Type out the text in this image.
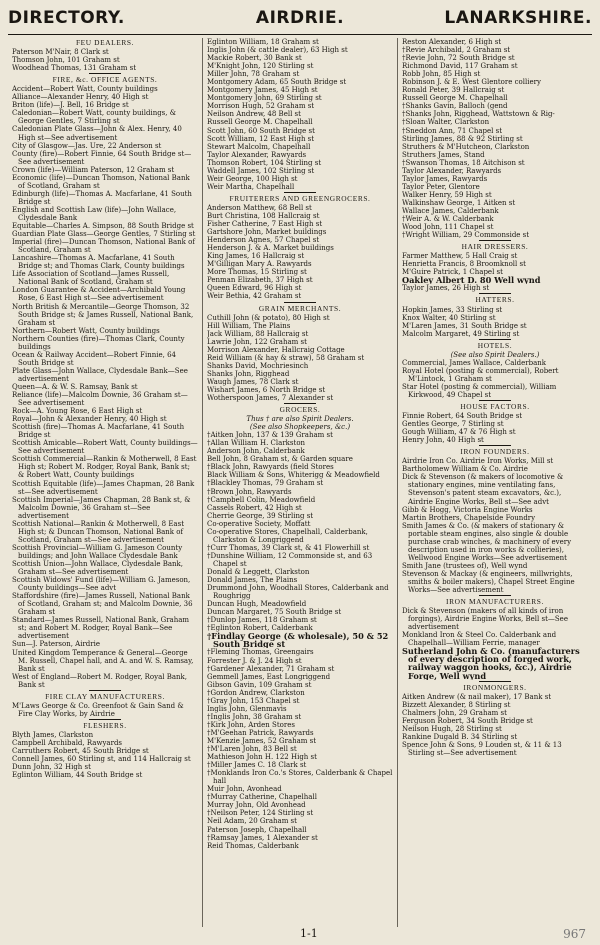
DIRECTORY.	AIRDRIE.	LANARKSHIRE.
FEU DEALERS.
Paterson M'Nair, 8 Clark st
Thomson John, 101 Graham st
Woodhead Thomas, 131 Graham st
FIRE, &c. OFFICE AGENTS.
Accident—Robert Watt, County buildings
Alliance—Alexander Henry, 40 High st
Briton (life)—J. Bell, 16 Bridge st
Caledonian—Robert Watt, county buildings, & George Gentles, 7 Stirling st
Caledonian Plate Glass—John & Alex. Henry, 40 High st—See advertisement
City of Glasgow—Jas. Ure, 22 Anderson st
County (fire)—Robert Finnie, 64 South Bridge st—See advertisement
Crown (life)—William Paterson, 12 Graham st
Economic (life)—Duncan Thomson, National Bank of Scotland, Graham st
Edinburgh (life)—Thomas A. Macfarlane, 41 South Bridge st
English and Scottish Law (life)—John Wallace, Clydesdale Bank
Equitable—Charles A. Simpson, 88 South Bridge st
Guardian Plate Glass—George Gentles, 7 Stirling st
Imperial (fire)—Duncan Thomson, National Bank of Scotland, Graham st
Lancashire—Thomas A. Macfarlane, 41 South Bridge st; and Thomas Clark, County buildings
Life Association of Scotland—James Russell, National Bank of Scotland, Graham st
London Guarantee & Accident—Archibald Young Rose, 6 East High st—See advertisement
North British & Mercantile—George Thomson, 32 South Bridge st; & James Russell, National Bank, Graham st
Northern—Robert Watt, County buildings
Northern Counties (fire)—Thomas Clark, County buildings
Ocean & Railway Accident—Robert Finnie, 64 South Bridge st
Plate Glass—John Wallace, Clydesdale Bank—See advertisement
Queen—A. & W. S. Ramsay, Bank st
Reliance (life)—Malcolm Downie, 36 Graham st—See advertisement
Rock—A. Young Rose, 6 East High st
Royal—John & Alexander Henry, 40 High st
Scottish (fire)—Thomas A. Macfarlane, 41 South Bridge st
Scottish Amicable—Robert Watt, County buildings—See advertisement
Scottish Commercial—Rankin & Motherwell, 8 East High st; Robert M. Rodger, Royal Bank, Bank st; & Robert Watt, County buildings
Scottish Equitable (life)—James Chapman, 28 Bank st—See advertisement
Scottish Imperial—James Chapman, 28 Bank st, & Malcolm Downie, 36 Graham st—See advertisement
Scottish National—Rankin & Motherwell, 8 East High st; & Duncan Thomson, National Bank of Scotland, Graham st—See advertisement
Scottish Provincial—William G. Jameson County buildings; and John Wallace Clydesdale Bank
Scottish Union—John Wallace, Clydesdale Bank, Graham st—See advertisement
Scottish Widows' Fund (life)—William G. Jameson, County buildings—See advt
Staffordshire (fire)—James Russell, National Bank of Scotland, Graham st; and Malcolm Downie, 36 Graham st
Standard—James Russell, National Bank, Graham st; and Robert M. Rodger, Royal Bank—See advertisement
Sun—J. Paterson, Airdrie
United Kingdom Temperance & General—George M. Russell, Chapel hall, and A. and W. S. Ramsay, Bank st
West of England—Robert M. Rodger, Royal Bank, Bank st
FIRE CLAY MANUFACTURERS.
M'Laws George & Co. Greenfoot & Gain Sand & Fire Clay Works, by Airdrie
FLESHERS.
Blyth James, Clarkston
Campbell Archibald, Rawyards
Carruthers Robert, 45 South Bridge st
Connell James, 60 Stirling st, and 114 Hallcraig st
Dunn John, 32 High st
Eglinton William, 44 South Bridge st
Eglinton William, 18 Graham st
Inglis John (& cattle dealer), 63 High st
Mackie Robert, 30 Bank st
M'Knight John, 120 Stirling st
Miller John, 78 Graham st
Montgomery Adam, 65 South Bridge st
Montgomery James, 45 High st
Montgomery John, 69 Stirling st
Morrison Hugh, 52 Graham st
Neilson Andrew, 48 Bell st
Russell George M. Chapelhall
Scott John, 60 South Bridge st
Scott William, 12 East High st
Stewart Malcolm, Chapelhall
Taylor Alexander, Rawyards
Thomson Robert, 104 Stirling st
Waddell James, 102 Stirling st
Weir George, 100 High st
Weir Martha, Chapelhall
FRUITERERS AND GREENGROCERS.
Anderson Matthew, 68 Bell st
Burt Christina, 108 Hallcraig st
Fisher Catherine, 7 East High st
Gartshore John, Market buildings
Henderson Agnes, 57 Chapel st
Henderson J. & A. Market buildings
King James, 16 Hallcraig st
M'Gilligan Mary A. Rawyards
More Thomas, 15 Stirling st
Penman Elizabeth, 37 High st
Queen Edward, 96 High st
Weir Bethia, 42 Graham st
GRAIN MERCHANTS.
Cuthill John (& potato), 80 High st
Hill William, The Plains
Jack William, 88 Hallcraig st
Lawrie John, 122 Graham st
Morrison Alexander, Hallcraig Cottage
Reid William (& hay & straw), 58 Graham st
Shanks David, Mochriesinch
Shanks John, Rigghead
Waugh James, 78 Clark st
Wishart James, 6 North Bridge st
Wotherspoon James, 7 Alexander st
GROCERS.
Thus † are also Spirit Dealers.
(See also Shopkeepers, &c.)
†Aitken John, 137 & 139 Graham st
†Allan William H. Clarkston
Anderson John, Calderbank
Bell John, 8 Graham st, & Garden square
†Black John, Rawyards (field Stores
Black William & Sons, Whiterigg & Meadowfield
†Blackley Thomas, 79 Graham st
†Brown John, Rawyards
†Campbell Colin, Meadowfield
Cassels Robert, 42 High st
Cherrie George, 39 Stirling st
Co-operative Society, Moffatt
Co-operative Stores, Chapelhall, Calderbank, Clarkston & Longriggend
†Curr Thomas, 39 Clark st, & 41 Flowerhill st
†Dunshine William, 12 Commonside st, and 63 Chapel st
Donald & Leggett, Clarkston
Donald James, The Plains
Drummond John, Woodhall Stores, Calderbank and Roughrigg
Duncan Hugh, Meadowfield
Duncan Margaret, 75 South Bridge st
†Dunlop James, 118 Graham st
†Eglinton Robert, Calderbank
†Findlay George (& wholesale), 50 & 52 South Bridge st
†Fleming Thomas, Greengairs
Forrester J. & J. 24 High st
†Gardener Alexander, 71 Graham st
Gemmell James, East Longriggend
Gibson Gavin, 109 Graham st
†Gordon Andrew, Clarkston
†Gray John, 153 Chapel st
Inglis John, Glenmavis
†Inglis John, 38 Graham st
†Kirk John, Arden Stores
†M'Geehan Patrick, Rawyards
M'Kenzie James, 52 Graham st
†M'Laren John, 83 Bell st
Mathieson John H. 122 High st
†Miller James C. 18 Clark st
†Monklands Iron Co.'s Stores, Calderbank & Chapel hall
Muir John, Avonhead
†Murray Catherine, Chapelhall
Murray John, Old Avonhead
†Neilson Peter, 124 Stirling st
Neil Adam, 20 Graham st
Paterson Joseph, Chapelhall
†Ramsay James, 1 Alexander st
Reid Thomas, Calderbank
Reston Alexander, 6 High st
†Revie Archibald, 2 Graham st
†Revie John, 72 South Bridge st
Richmond David, 117 Graham st
Robb John, 85 High st
Robinson J. & E. West Glentore colliery
Ronald Peter, 39 Hallcraig st
Russell George M. Chapelhall
†Shanks Gavin, Balloch (gend
†Shanks John, Rigghead, Wattstown & Rig-
†Sloan Walter, Clarkston
†Sneddon Ann, 71 Chapel st
Stirling James, 88 & 92 Stirling st
Struthers & M'Hutcheon, Clarkston
Struthers James, Stand
†Swanson Thomas, 18 Aitchison st
Taylor Alexander, Rawyards
Taylor James, Rawyards
Taylor Peter, Glentore
Walker Henry, 59 High st
Walkinshaw George, 1 Aitken st
Wallace James, Calderbank
†Weir A. & W. Calderbank
Wood John, 111 Chapel st
†Wright William, 29 Commonside st
HAIR DRESSERS.
Farmer Matthew, 5 Hall Craig st
Henrietta Francis, 8 Broomknoll st
M'Guire Patrick, 1 Chapel st
Oakley Albert D. 80 Well wynd
Taylor James, 26 High st
HATTERS.
Hopkin James, 33 Stirling st
Knox Walter, 40 Stirling st
M'Laren James, 31 South Bridge st
Malcolm Margaret, 49 Stirling st
HOTELS.
(See also Spirit Dealers.)
Commercial, James Wallace, Calderbank
Royal Hotel (posting & commercial), Robert M'Lintock, 1 Graham st
Star Hotel (posting & commercial), William Kirkwood, 49 Chapel st
HOUSE FACTORS.
Finnie Robert, 64 South Bridge st
Gentles George, 7 Stirling st
Gough William, 47 & 76 High st
Henry John, 40 High st
IRON FOUNDERS.
Airdrie Iron Co. Airdrie Iron Works, Mill st
Bartholomew William & Co. Airdrie
Dick & Stevenson (& makers of locomotive & stationary engines, mine ventilating fans, Stevenson's patent steam excavators, &c.), Airdrie Engine Works, Bell st—See advt
Gibb & Hogg, Victoria Engine Works
Martin Brothers, Chapelside Foundry
Smith James & Co. (& makers of stationary & portable steam engines, also single & double purchase crab winches, & machinery of every description used in iron works & collieries), Wellwood Engine Works—See advertisement
Smith Jane (trustees of), Well wynd
Stevenson & Mackay (& engineers, millwrights, smiths & boiler makers), Chapel Street Engine Works—See advertisement
IRON MANUFACTURERS.
Dick & Stevenson (makers of all kinds of iron forgings), Airdrie Engine Works, Bell st—See advertisement
Monkland Iron & Steel Co. Calderbank and Chapelhall—William Ferrie, manager
Sutherland John & Co. (manufacturers of every description of forged work, railway waggon hooks, &c.), Airdrie Forge, Well wynd
IRONMONGERS.
Aitken Andrew (& nail maker), 17 Bank st
Bizzett Alexander, 8 Stirling st
Chalmers John, 29 Graham st
Ferguson Robert, 34 South Bridge st
Neilson Hugh, 28 Stirling st
Rankine Dugald B. 34 Stirling st
Spence John & Sons, 9 Louden st, & 11 & 13 Stirling st—See advertisement
1-1	967
